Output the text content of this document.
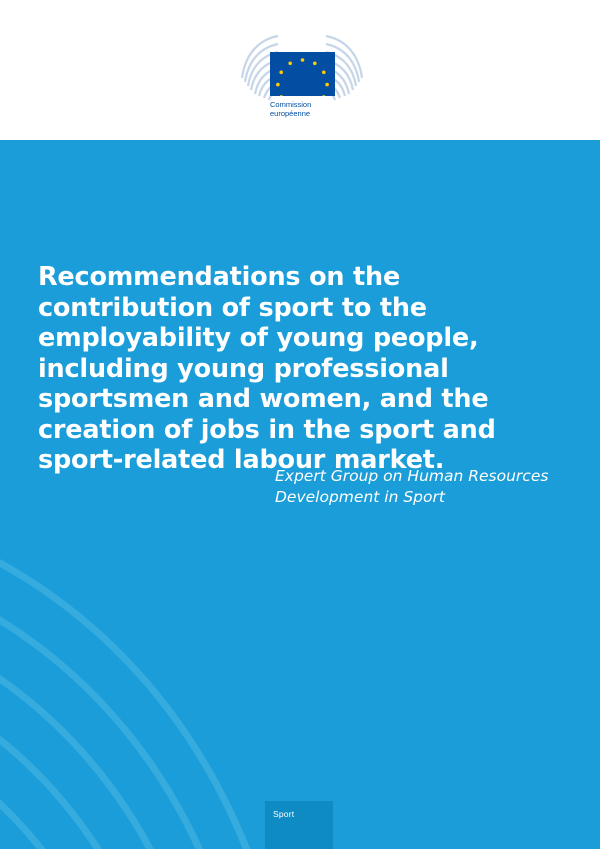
Commission
européenne
Recommendations on the contribution of sport to the employability of young people, including young professional sportsmen and women, and the creation of jobs in the sport and sport-related labour market.
Expert Group on Human Resources Development in Sport
Sport
